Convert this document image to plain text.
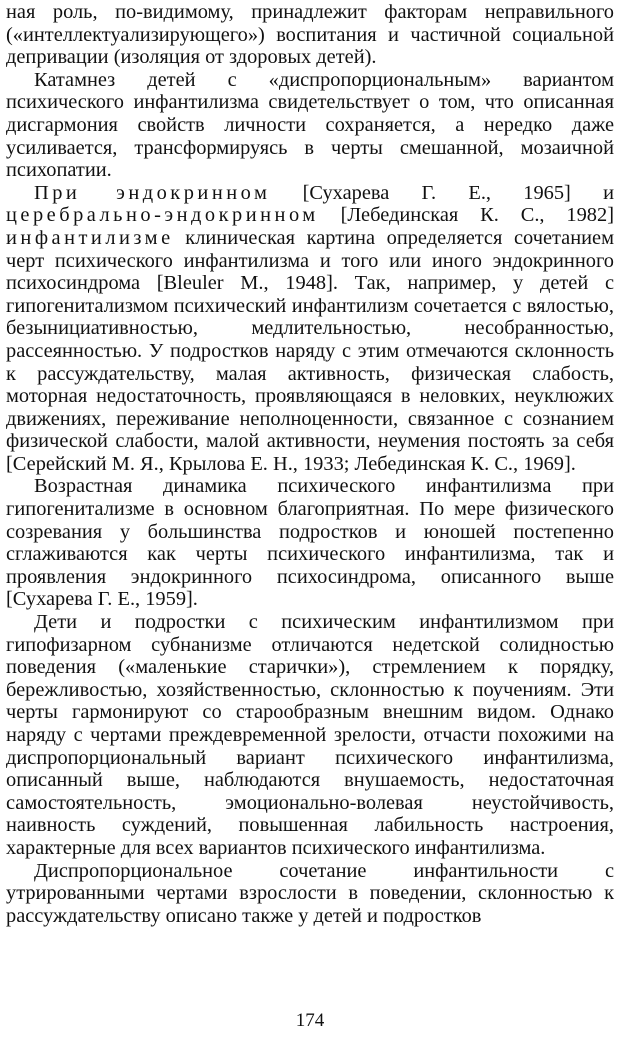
ная роль, по-видимому, принадлежит факторам неправильного («интеллектуализирующего») воспитания и частичной социальной депривации (изоляция от здоровых детей).

Катамнез детей с «диспропорциональным» вариантом психического инфантилизма свидетельствует о том, что описанная дисгармония свойств личности сохраняется, а нередко даже усиливается, трансформируясь в черты смешанной, мозаичной психопатии.

При эндокринном [Сухарева Г. Е., 1965] и церебрально-эндокринном [Лебединская К. С., 1982] инфантилизме клиническая картина определяется сочетанием черт психического инфантилизма и того или иного эндокринного психосиндрома [Bleuler M., 1948]. Так, например, у детей с гипогенитализмом психический инфантилизм сочетается с вялостью, безынициативностью, медлительностью, несобранностью, рассеянностью. У подростков наряду с этим отмечаются склонность к рассуждательству, малая активность, физическая слабость, моторная недостаточность, проявляющаяся в неловких, неуклюжих движениях, переживание неполноценности, связанное с сознанием физической слабости, малой активности, неумения постоять за себя [Серейский М. Я., Крылова Е. Н., 1933; Лебединская К. С., 1969].

Возрастная динамика психического инфантилизма при гипогенитализме в основном благоприятная. По мере физического созревания у большинства подростков и юношей постепенно сглаживаются как черты психического инфантилизма, так и проявления эндокринного психосиндрома, описанного выше [Сухарева Г. Е., 1959].

Дети и подростки с психическим инфантилизмом при гипофизарном субнанизме отличаются недетской солидностью поведения («маленькие старички»), стремлением к порядку, бережливостью, хозяйственностью, склонностью к поучениям. Эти черты гармонируют со старообразным внешним видом. Однако наряду с чертами преждевременной зрелости, отчасти похожими на диспропорциональный вариант психического инфантилизма, описанный выше, наблюдаются внушаемость, недостаточная самостоятельность, эмоционально-волевая неустойчивость, наивность суждений, повышенная лабильность настроения, характерные для всех вариантов психического инфантилизма.

Диспропорциональное сочетание инфантильности с утрированными чертами взрослости в поведении, склонностью к рассуждательству описано также у детей и подростков

174
